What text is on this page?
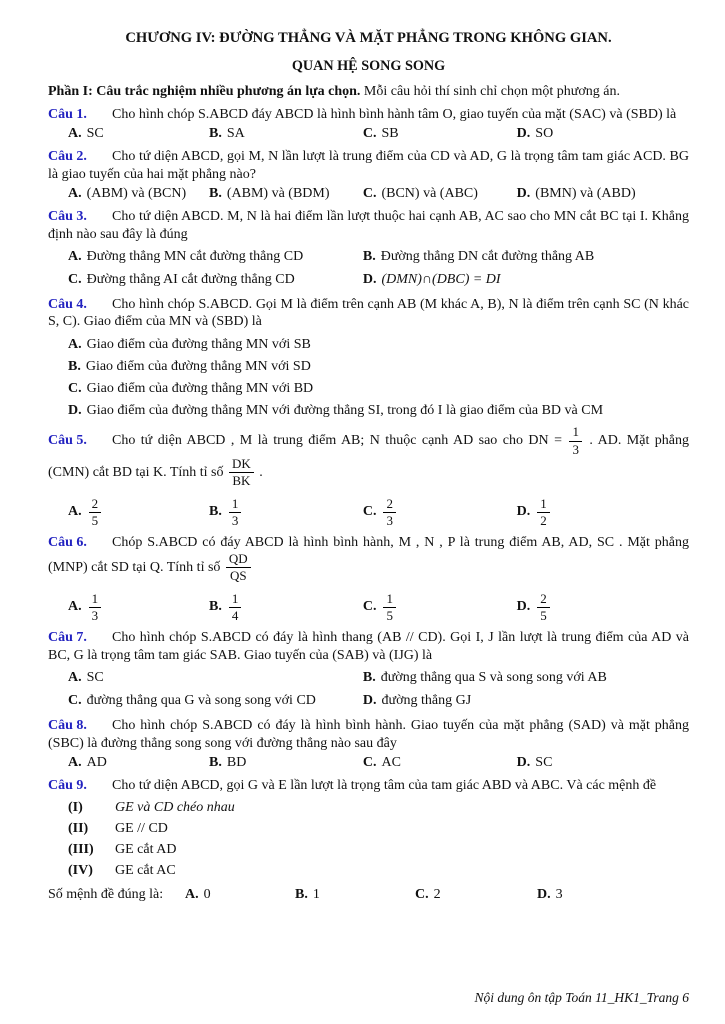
CHƯƠNG IV: ĐƯỜNG THẲNG VÀ MẶT PHẲNG TRONG KHÔNG GIAN.
QUAN HỆ SONG SONG

Phần I: Câu trắc nghiệm nhiều phương án lựa chọn. Mỗi câu hỏi thí sinh chỉ chọn một phương án.

Câu 1. Cho hình chóp S.ABCD đáy ABCD là hình bình hành tâm O, giao tuyến của mặt (SAC) và (SBD) là

A. SC	B. SA	C. SB	D. SO

Câu 2. Cho tứ diện ABCD, gọi M, N lần lượt là trung điểm của CD và AD, G là trọng tâm tam giác ACD. BG là giao tuyến của hai mặt phẳng nào?

A. (ABM) và (BCN)	B. (ABM) và (BDM)	C. (BCN) và (ABC)	D. (BMN) và (ABD)

Câu 3. Cho tứ diện ABCD. M, N là hai điểm lần lượt thuộc hai cạnh AB, AC sao cho MN cắt BC tại I. Khẳng định nào sau đây là đúng

A. Đường thẳng MN cắt đường thẳng CD	B. Đường thẳng DN cắt đường thẳng AB
C. Đường thẳng AI cắt đường thẳng CD	D. (DMN)∩(DBC) = DI

Câu 4. Cho hình chóp S.ABCD. Gọi M là điểm trên cạnh AB (M khác A, B), N là điểm trên cạnh SC (N khác S, C). Giao điểm của MN và (SBD) là

A. Giao điểm của đường thẳng MN với SB
B. Giao điểm của đường thẳng MN với SD
C. Giao điểm của đường thẳng MN với BD
D. Giao điểm của đường thẳng MN với đường thẳng SI, trong đó I là giao điểm của BD và CM

Câu 5. Cho tứ diện ABCD , M là trung điểm AB; N thuộc cạnh AD sao cho DN = $\frac{1}{3}$ . AD. Mặt phẳng (CMN) cắt BD tại K. Tính tỉ số $\frac{DK}{BK}$ .

A. $\frac{2}{5}$	B. $\frac{1}{3}$	C. $\frac{2}{3}$	D. $\frac{1}{2}$

Câu 6. Chóp S.ABCD có đáy ABCD là hình bình hành, M , N , P là trung điểm AB, AD, SC . Mặt phẳng (MNP) cắt SD tại Q. Tính tỉ số $\frac{QD}{QS}$

A. $\frac{1}{3}$	B. $\frac{1}{4}$	C. $\frac{1}{5}$	D. $\frac{2}{5}$

Câu 7. Cho hình chóp S.ABCD có đáy là hình thang (AB // CD). Gọi I, J lần lượt là trung điểm của AD và BC, G là trọng tâm tam giác SAB. Giao tuyến của (SAB) và (IJG) là

A. SC	B. đường thẳng qua S và song song với AB
C. đường thẳng qua G và song song với CD	D. đường thẳng GJ

Câu 8. Cho hình chóp S.ABCD có đáy là hình bình hành. Giao tuyến của mặt phẳng (SAD) và mặt phẳng (SBC) là đường thẳng song song với đường thẳng nào sau đây

A. AD	B. BD	C. AC	D. SC

Câu 9. Cho tứ diện ABCD, gọi G và E lần lượt là trọng tâm của tam giác ABD và ABC. Và các mệnh đề

(I)	GE và CD chéo nhau
(II)	GE // CD
(III)	GE cắt AD
(IV)	GE cắt AC
Số mệnh đề đúng là:	A. 0	B. 1	C. 2	D. 3
Nội dung ôn tập Toán 11_HK1_Trang 6
